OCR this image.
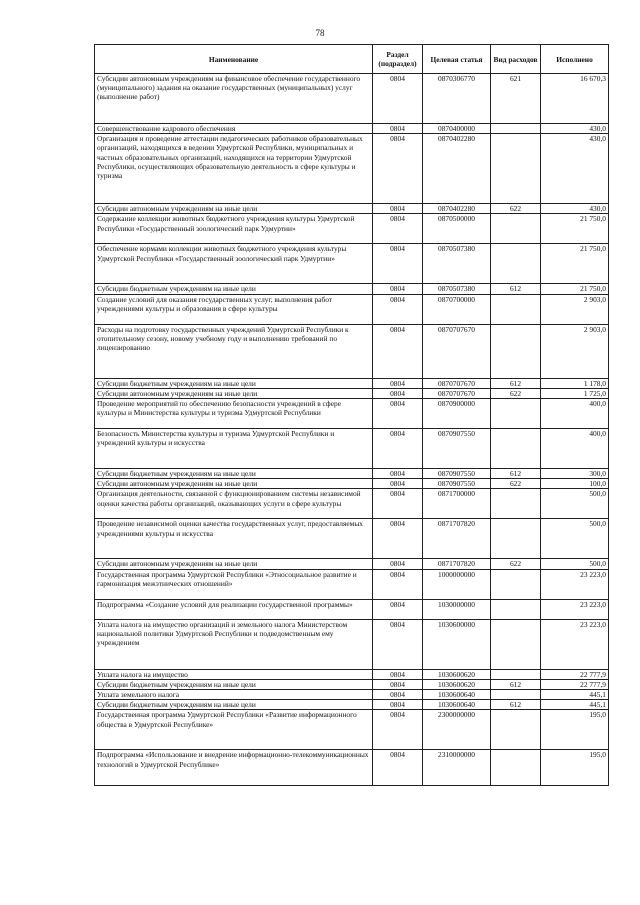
78
Наименование	Раздел (подраздел)	Целевая статья	Вид расходов	Исполнено
Субсидии автономным учреждениям на финансовое обеспечение государственного (муниципального) задания на оказание государственных (муниципальных) услуг (выполнение работ)	0804	0870306770	621	16 670,3
Совершенствование кадрового обеспечения	0804	0870400000		430,0
Организация и проведение аттестации педагогических работников образовательных организаций, находящихся в ведении Удмуртской Республики, муниципальных и частных образовательных организаций, находящихся на территории Удмуртской Республики, осуществляющих образовательную деятельность в сфере культуры и туризма	0804	0870402280		430,0
Субсидии автономным учреждениям на иные цели	0804	0870402280	622	430,0
Содержание коллекции животных бюджетного учреждения культуры Удмуртской Республики «Государственный зоологический парк Удмуртии»	0804	0870500000		21 750,0
Обеспечение кормами коллекции животных бюджетного учреждения культуры Удмуртской Республики «Государственный зоологический парк Удмуртии»	0804	0870507380		21 750,0
Субсидии бюджетным учреждениям на иные цели	0804	0870507380	612	21 750,0
Создание условий для оказания государственных услуг, выполнения работ учреждениями культуры и образования в сфере культуры	0804	0870700000		2 903,0
Расходы на подготовку государственных учреждений Удмуртской Республики к отопительному сезону, новому учебному году и выполнению требований по лицензированию	0804	0870707670		2 903,0
Субсидии бюджетным учреждениям на иные цели	0804	0870707670	612	1 178,0
Субсидии автономным учреждениям на иные цели	0804	0870707670	622	1 725,0
Проведение мероприятий по обеспечению безопасности учреждений в сфере культуры и Министерства культуры и туризма Удмуртской Республики	0804	0870900000		400,0
Безопасность Министерства культуры и туризма Удмуртской Республики и учреждений культуры и искусства	0804	0870907550		400,0
Субсидии бюджетным учреждениям на иные цели	0804	0870907550	612	300,0
Субсидии автономным учреждениям на иные цели	0804	0870907550	622	100,0
Организация деятельности, связанной с функционированием системы независимой оценки качества работы организаций, оказывающих услуги в сфере культуры	0804	0871700000		500,0
Проведение независимой оценки качества государственных услуг, предоставляемых учреждениями культуры и искусства	0804	0871707820		500,0
Субсидии автономным учреждениям на иные цели	0804	0871707820	622	500,0
Государственная программа Удмуртской Республики «Этносоциальное развитие и гармонизация межэтнических отношений»	0804	1000000000		23 223,0
Подпрограмма «Создание условий для реализации государственной программы»	0804	1030000000		23 223,0
Уплата налога на имущество организаций и земельного налога Министерством национальной политики Удмуртской Республики и подведомственным ему учреждением	0804	1030600000		23 223,0
Уплата налога на имущество	0804	1030600620		22 777,9
Субсидии бюджетным учреждениям на иные цели	0804	1030600620	612	22 777,9
Уплата земельного налога	0804	1030600640		445,1
Субсидии бюджетным учреждениям на иные цели	0804	1030600640	612	445,1
Государственная программа Удмуртской Республики «Развитие информационного общества в Удмуртской Республике»	0804	2300000000		195,0
Подпрограмма «Использование и внедрение информационно-телекоммуникационных технологий в Удмуртской Республике»	0804	2310000000		195,0
